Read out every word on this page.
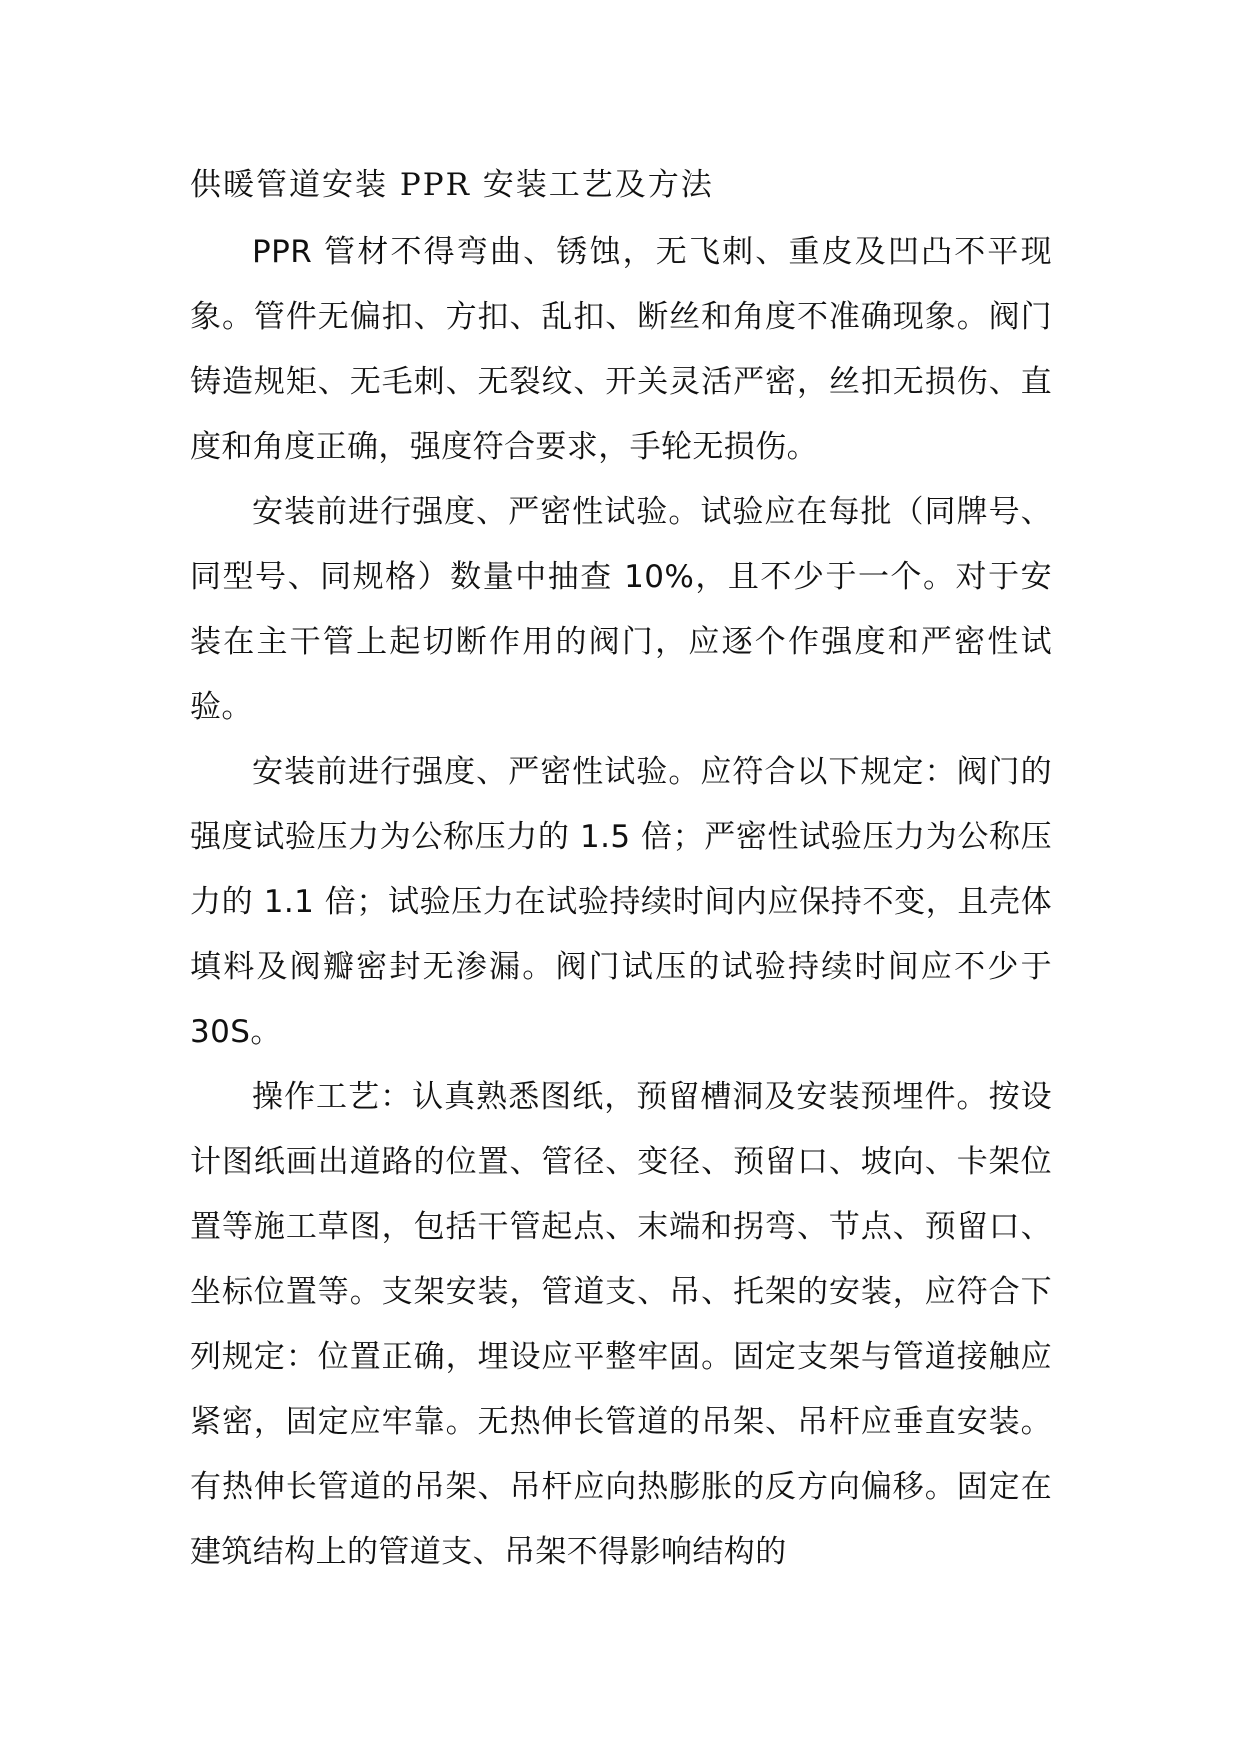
供暖管道安装 PPR 安装工艺及方法

PPR 管材不得弯曲、锈蚀，无飞刺、重皮及凹凸不平现象。管件无偏扣、方扣、乱扣、断丝和角度不准确现象。阀门铸造规矩、无毛刺、无裂纹、开关灵活严密，丝扣无损伤、直度和角度正确，强度符合要求，手轮无损伤。

安装前进行强度、严密性试验。试验应在每批（同牌号、同型号、同规格）数量中抽查 10%，且不少于一个。对于安装在主干管上起切断作用的阀门，应逐个作强度和严密性试验。

安装前进行强度、严密性试验。应符合以下规定：阀门的强度试验压力为公称压力的 1.5 倍；严密性试验压力为公称压力的 1.1 倍；试验压力在试验持续时间内应保持不变，且壳体填料及阀瓣密封无渗漏。阀门试压的试验持续时间应不少于 30S。

操作工艺：认真熟悉图纸，预留槽洞及安装预埋件。按设计图纸画出道路的位置、管径、变径、预留口、坡向、卡架位置等施工草图，包括干管起点、末端和拐弯、节点、预留口、坐标位置等。支架安装，管道支、吊、托架的安装，应符合下列规定：位置正确，埋设应平整牢固。固定支架与管道接触应紧密，固定应牢靠。无热伸长管道的吊架、吊杆应垂直安装。有热伸长管道的吊架、吊杆应向热膨胀的反方向偏移。固定在建筑结构上的管道支、吊架不得影响结构的
